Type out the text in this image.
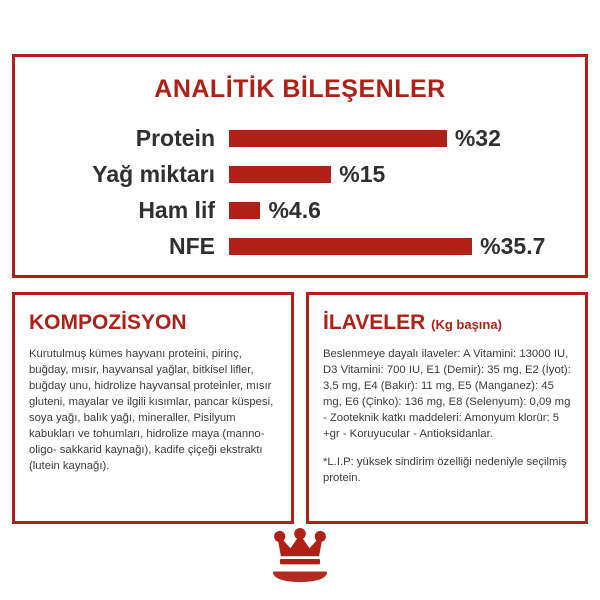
ANALİTİK BİLEŞENLER
Protein	%32
Yağ miktarı	%15
Ham lif	%4.6
NFE	%35.7
KOMPOZİSYON

Kurutulmuş kümes hayvanı proteini, pirinç, buğday, mısır, hayvansal yağlar, bitkisel lifler, buğday unu, hidrolize hayvansal proteinler, mısır gluteni, mayalar ve ilgili kısımlar, pancar küspesi, soya yağı, balık yağı, mineraller, Pisilyum kabukları ve tohumları, hidrolize maya (manno-oligo- sakkarid kaynağı), kadife çiçeği ekstraktı (lutein kaynağı).

İLAVELER (Kg başına)

Beslenmeye dayalı ilaveler: A Vitamini: 13000 IU, D3 Vitamini: 700 IU, E1 (Demir): 35 mg, E2 (İyot): 3,5 mg, E4 (Bakır): 11 mg, E5 (Manganez): 45 mg, E6 (Çinko): 136 mg, E8 (Selenyum): 0,09 mg - Zooteknik katkı maddeleri: Amonyum klorür: 5 +gr - Koruyucular - Antioksidanlar.

*L.I.P: yüksek sindirim özelliği nedeniyle seçilmiş protein.
